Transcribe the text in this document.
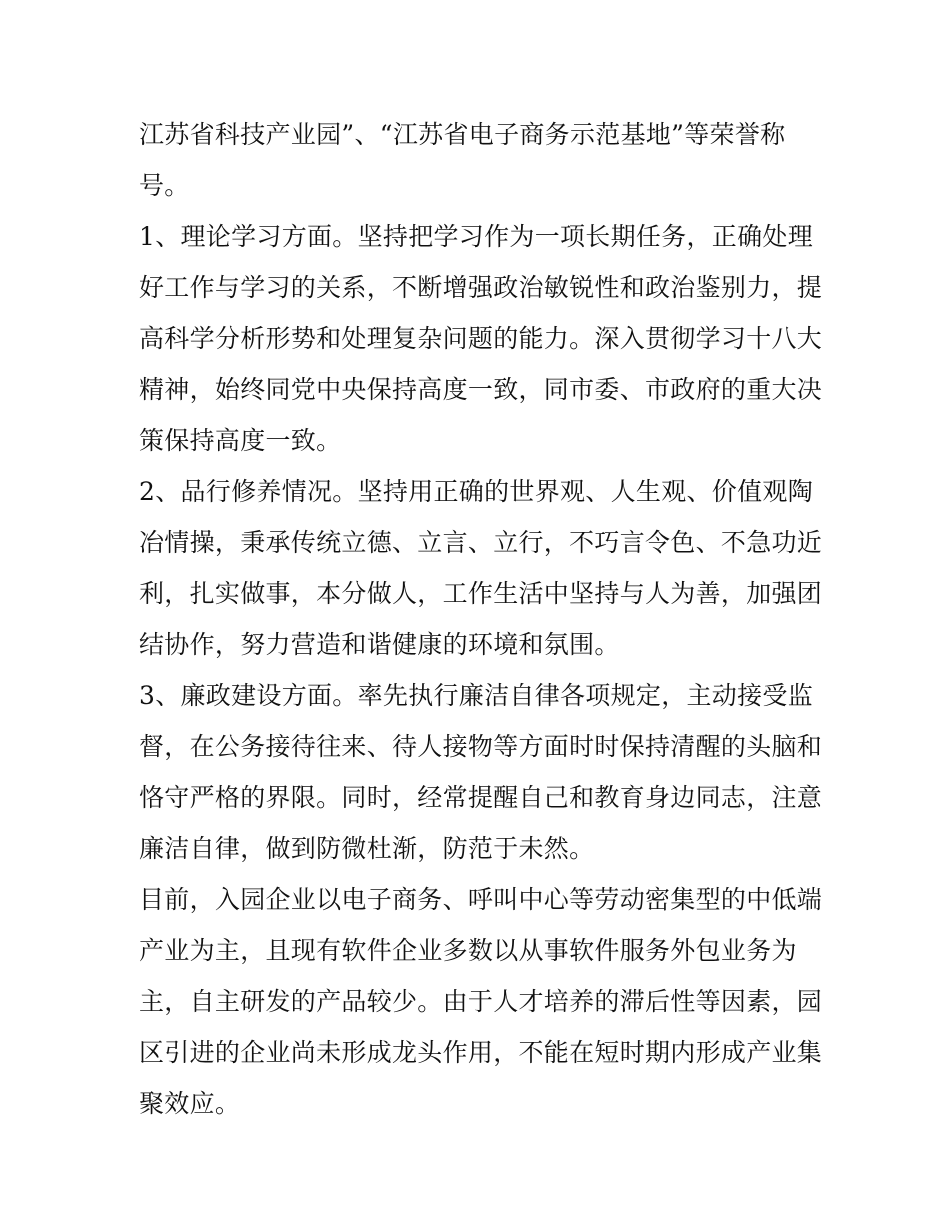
江苏省科技产业园”、“江苏省电子商务示范基地”等荣誉称
号。
1、理论学习方面。坚持把学习作为一项长期任务，正确处理
好工作与学习的关系，不断增强政治敏锐性和政治鉴别力，提
高科学分析形势和处理复杂问题的能力。深入贯彻学习十八大
精神，始终同党中央保持高度一致，同市委、市政府的重大决
策保持高度一致。
2、品行修养情况。坚持用正确的世界观、人生观、价值观陶
冶情操，秉承传统立德、立言、立行，不巧言令色、不急功近
利，扎实做事，本分做人，工作生活中坚持与人为善，加强团
结协作，努力营造和谐健康的环境和氛围。
3、廉政建设方面。率先执行廉洁自律各项规定，主动接受监
督，在公务接待往来、待人接物等方面时时保持清醒的头脑和
恪守严格的界限。同时，经常提醒自己和教育身边同志，注意
廉洁自律，做到防微杜渐，防范于未然。
目前，入园企业以电子商务、呼叫中心等劳动密集型的中低端
产业为主，且现有软件企业多数以从事软件服务外包业务为
主，自主研发的产品较少。由于人才培养的滞后性等因素，园
区引进的企业尚未形成龙头作用，不能在短时期内形成产业集
聚效应。
